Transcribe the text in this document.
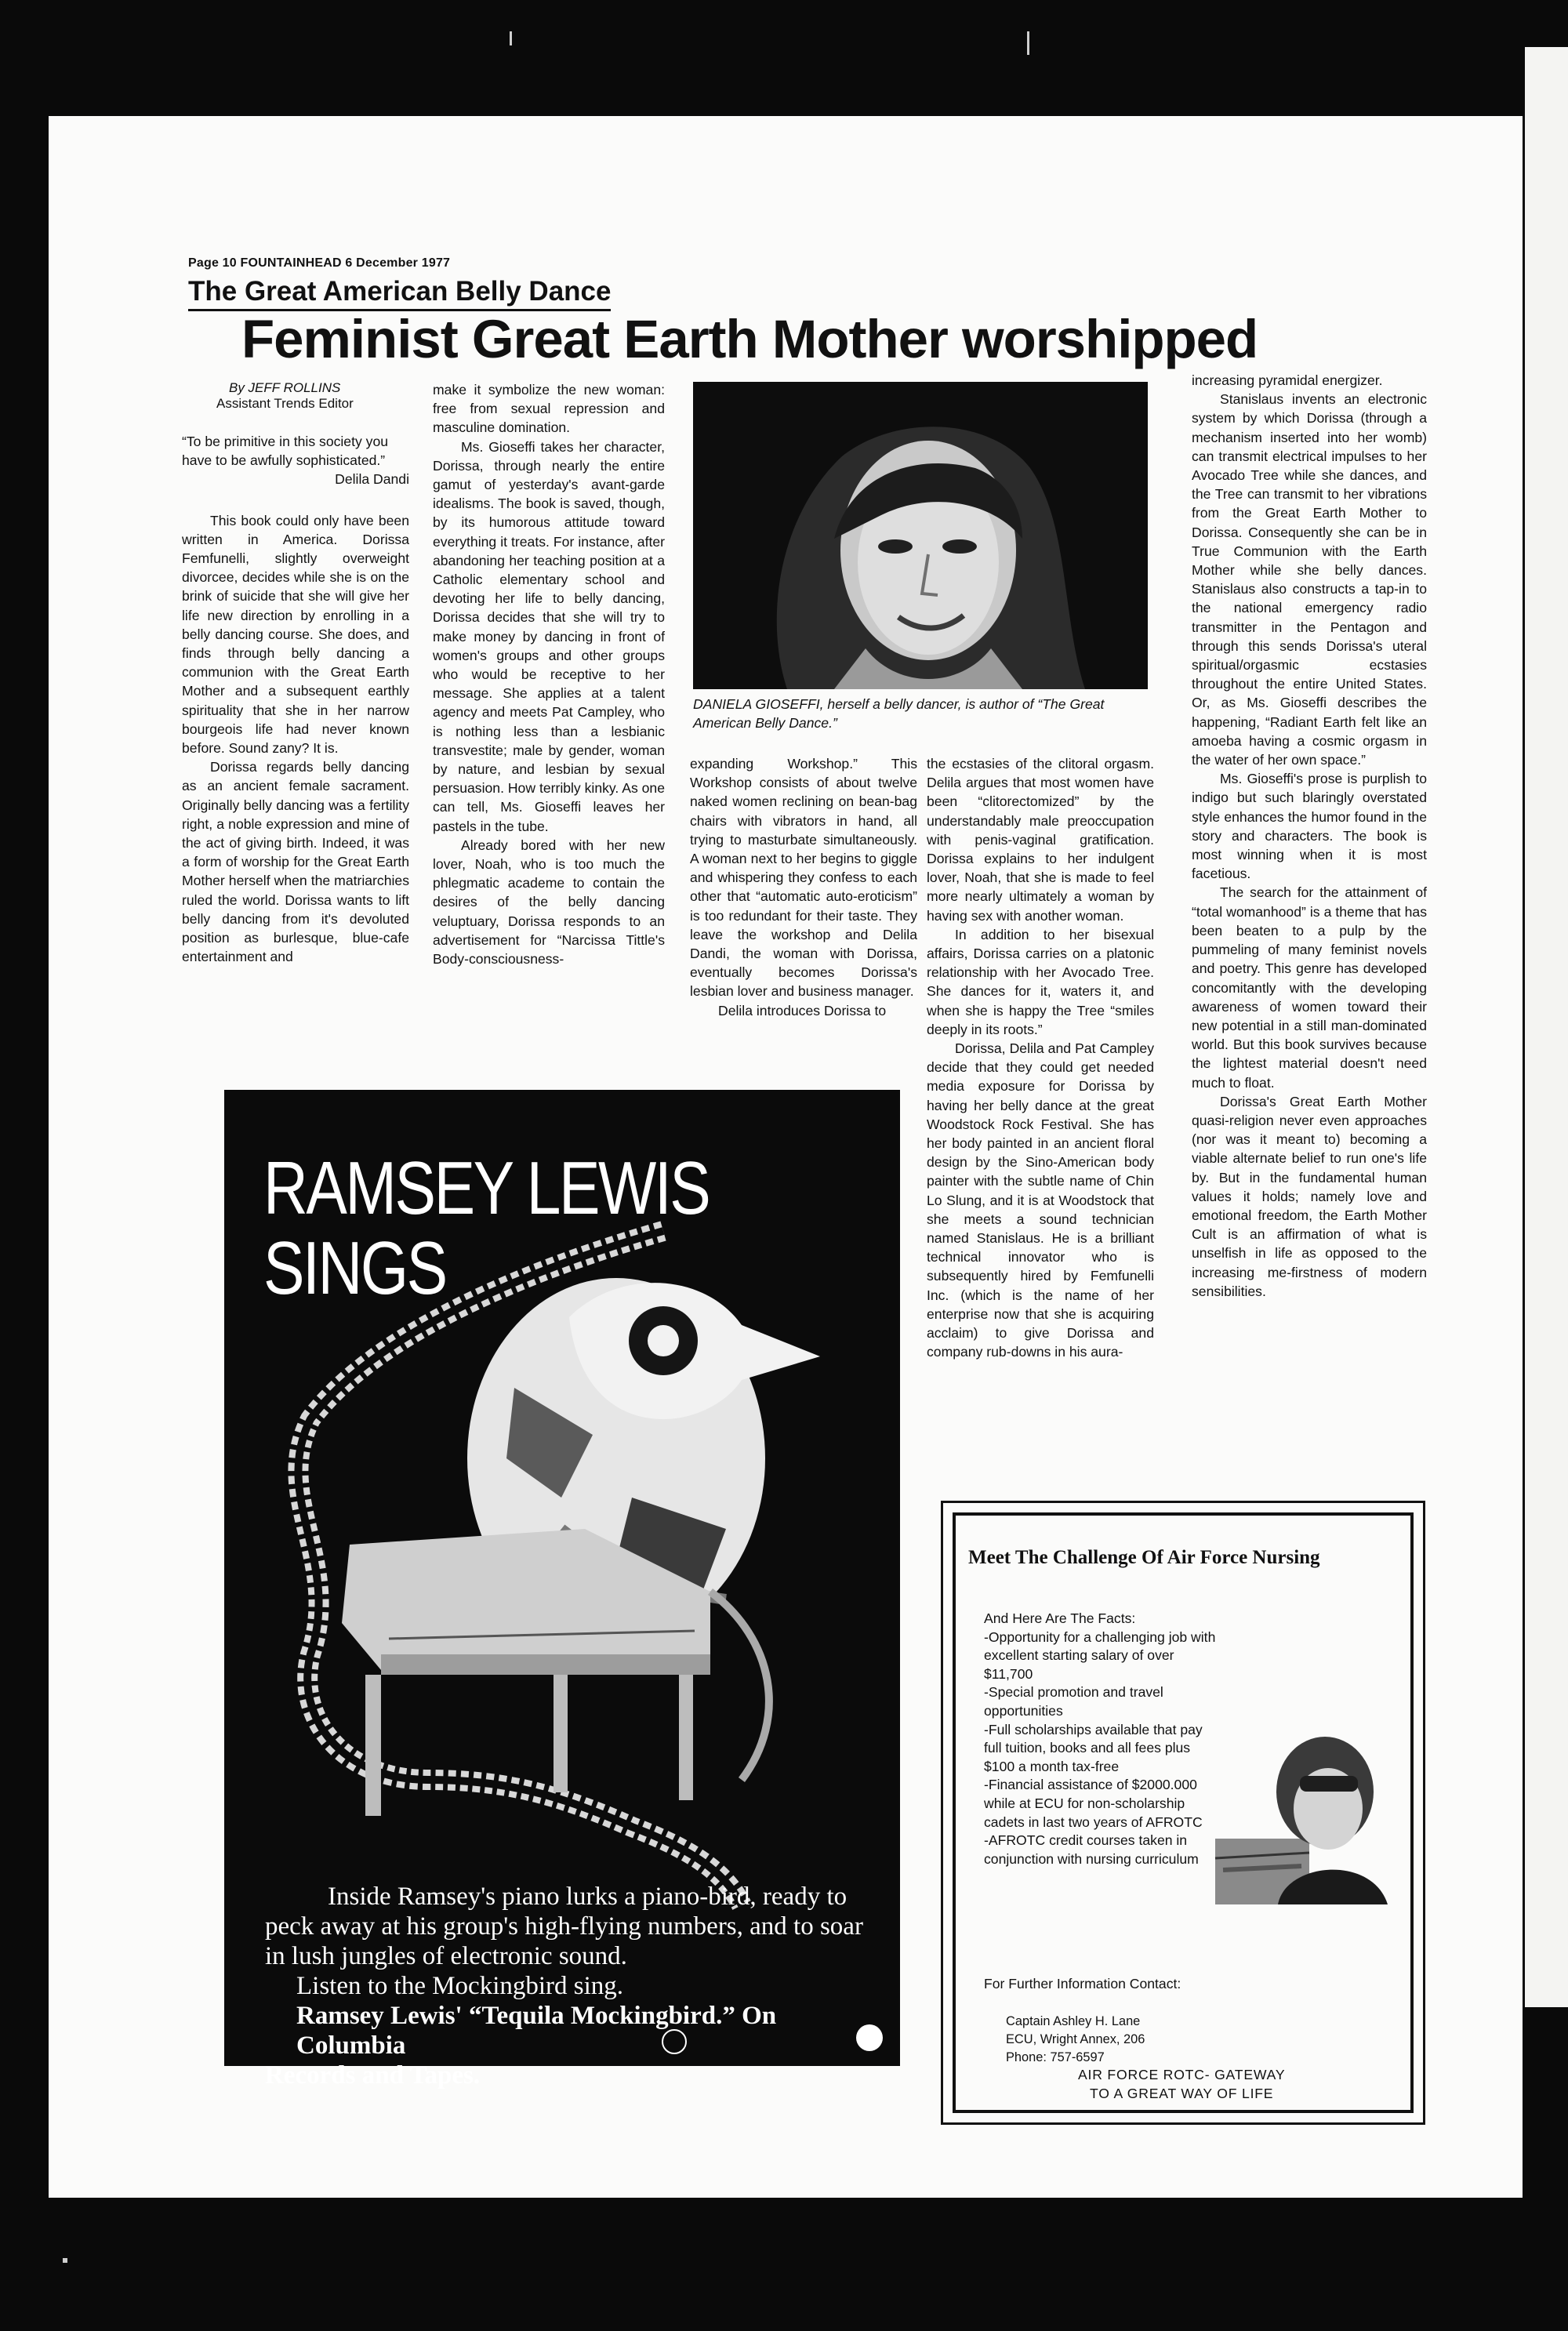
Page 10 FOUNTAINHEAD 6 December 1977
The Great American Belly Dance
Feminist Great Earth Mother worshipped
By JEFF ROLLINS
Assistant Trends Editor
“To be primitive in this society you have to be awfully sophisticated.”
Delila Dandi

This book could only have been written in America. Dorissa Femfunelli, slightly overweight divorcee, decides while she is on the brink of suicide that she will give her life new direction by enrolling in a belly dancing course. She does, and finds through belly dancing a communion with the Great Earth Mother and a subsequent earthly spirituality that she in her narrow bourgeois life had never known before. Sound zany? It is.

Dorissa regards belly dancing as an ancient female sacrament. Originally belly dancing was a fertility right, a noble expression and mine of the act of giving birth. Indeed, it was a form of worship for the Great Earth Mother herself when the matriarchies ruled the world. Dorissa wants to lift belly dancing from it's devoluted position as burlesque, blue-cafe entertainment and

make it symbolize the new woman: free from sexual repression and masculine domination.

Ms. Gioseffi takes her character, Dorissa, through nearly the entire gamut of yesterday's avant-garde idealisms. The book is saved, though, by its humorous attitude toward everything it treats. For instance, after abandoning her teaching position at a Catholic elementary school and devoting her life to belly dancing, Dorissa decides that she will try to make money by dancing in front of women's groups and other groups who would be receptive to her message. She applies at a talent agency and meets Pat Campley, who is nothing less than a lesbianic transvestite; male by gender, woman by nature, and lesbian by sexual persuasion. How terribly kinky. As one can tell, Ms. Gioseffi leaves her pastels in the tube.

Already bored with her new lover, Noah, who is too much the phlegmatic academe to contain the desires of the belly dancing veluptuary, Dorissa responds to an advertisement for “Narcissa Tittle's Body-consciousness-

DANIELA GIOSEFFI, herself a belly dancer, is author of “The Great American Belly Dance.”

expanding Workshop.” This Workshop consists of about twelve naked women reclining on bean-bag chairs with vibrators in hand, all trying to masturbate simultaneously. A woman next to her begins to giggle and whispering they confess to each other that “automatic auto-eroticism” is too redundant for their taste. They leave the workshop and Delila Dandi, the woman with Dorissa, eventually becomes Dorissa's lesbian lover and business manager.

Delila introduces Dorissa to

the ecstasies of the clitoral orgasm. Delila argues that most women have been “clitorectomized” by the understandably male preoccupation with penis-vaginal gratification. Dorissa explains to her indulgent lover, Noah, that she is made to feel more nearly ultimately a woman by having sex with another woman.

In addition to her bisexual affairs, Dorissa carries on a platonic relationship with her Avocado Tree. She dances for it, waters it, and when she is happy the Tree “smiles deeply in its roots.”

Dorissa, Delila and Pat Campley decide that they could get needed media exposure for Dorissa by having her belly dance at the great Woodstock Rock Festival. She has her body painted in an ancient floral design by the Sino-American body painter with the subtle name of Chin Lo Slung, and it is at Woodstock that she meets a sound technician named Stanislaus. He is a brilliant technical innovator who is subsequently hired by Femfunelli Inc. (which is the name of her enterprise now that she is acquiring acclaim) to give Dorissa and company rub-downs in his aura-

increasing pyramidal energizer.

Stanislaus invents an electronic system by which Dorissa (through a mechanism inserted into her womb) can transmit electrical impulses to her Avocado Tree while she dances, and the Tree can transmit to her vibrations from the Great Earth Mother to Dorissa. Consequently she can be in True Communion with the Earth Mother while she belly dances. Stanislaus also constructs a tap-in to the national emergency radio transmitter in the Pentagon and through this sends Dorissa's uteral spiritual/orgasmic ecstasies throughout the entire United States. Or, as Ms. Gioseffi describes the happening, “Radiant Earth felt like an amoeba having a cosmic orgasm in the water of her own space.”

Ms. Gioseffi's prose is purplish to indigo but such blaringly overstated style enhances the humor found in the story and characters. The book is most winning when it is most facetious.

The search for the attainment of “total womanhood” is a theme that has been beaten to a pulp by the pummeling of many feminist novels and poetry. This genre has developed concomitantly with the developing awareness of women toward their new potential in a still man-dominated world. But this book survives because the lightest material doesn't need much to float.

Dorissa's Great Earth Mother quasi-religion never even approaches (nor was it meant to) becoming a viable alternate belief to run one's life by. But in the fundamental human values it holds; namely love and emotional freedom, the Earth Mother Cult is an affirmation of what is unselfish in life as opposed to the increasing me-firstness of modern sensibilities.

RAMSEY LEWIS
SINGS
Inside Ramsey's piano lurks a piano-bird, ready to
peck away at his group's high-flying numbers, and to soar
in lush jungles of electronic sound.
Listen to the Mockingbird sing.
Ramsey Lewis' “Tequila Mockingbird.” On Columbia
Records and Tapes.
Meet The Challenge Of Air Force Nursing
And Here Are The Facts:
-Opportunity for a challenging job with excellent starting salary of over $11,700
-Special promotion and travel opportunities
-Full scholarships available that pay full tuition, books and all fees plus $100 a month tax-free
-Financial assistance of $2000.000 while at ECU for non-scholarship cadets in last two years of AFROTC
-AFROTC credit courses taken in conjunction with nursing curriculum
For Further Information Contact:
Captain Ashley H. Lane
ECU, Wright Annex, 206
Phone: 757-6597
AIR FORCE ROTC- GATEWAY
TO A GREAT WAY OF LIFE
